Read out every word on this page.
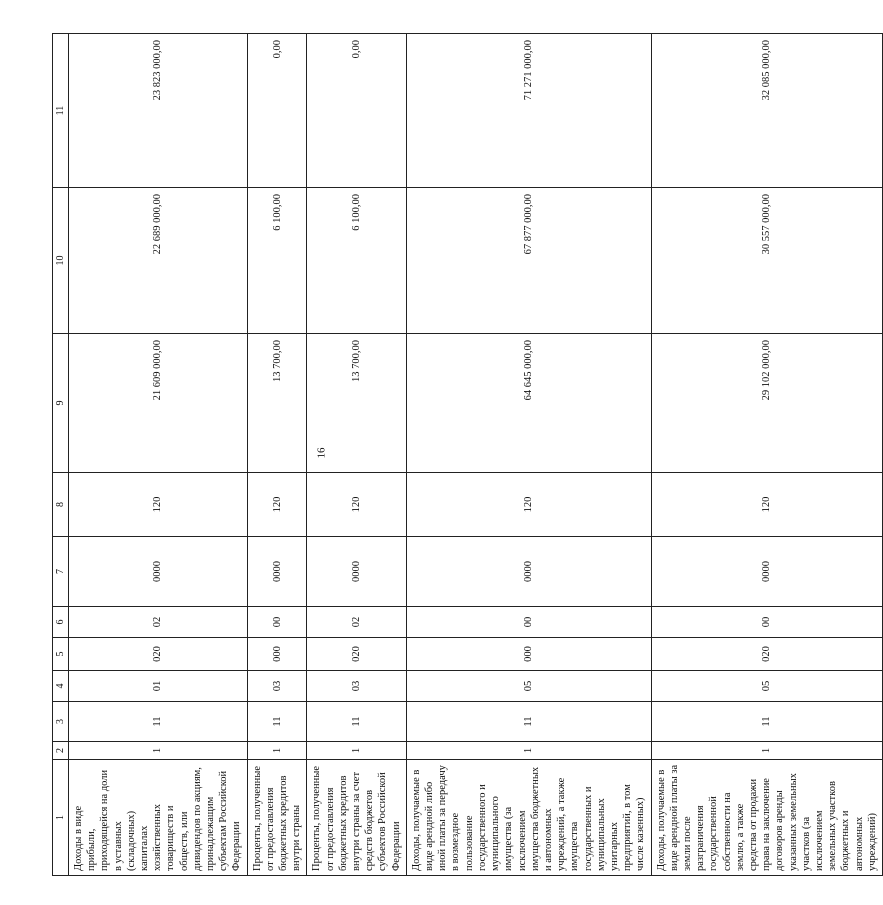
16
1	2	3	4	5	6	7	8	9	10	11
Доходы в виде прибыли, приходящейся на доли в уставных (складочных) капиталах хозяйственных товариществ и обществ, или дивидендов по акциям, принадлежащим субъектам Российской Федерации	1	11	01	020	02	0000	120	21 609 000,00	22 689 000,00	23 823 000,00
Проценты, полученные от предоставления бюджетных кредитов внутри страны	1	11	03	000	00	0000	120	13 700,00	6 100,00	0,00
Проценты, полученные от предоставления бюджетных кредитов внутри страны за счет средств бюджетов субъектов Российской Федерации	1	11	03	020	02	0000	120	13 700,00	6 100,00	0,00
Доходы, получаемые в виде арендной либо иной платы за передачу в возмездное пользование государственного и муниципального имущества (за исключением имущества бюджетных и автономных учреждений, а также имущества государственных и муниципальных унитарных предприятий, в том числе казенных)	1	11	05	000	00	0000	120	64 645 000,00	67 877 000,00	71 271 000,00
Доходы, получаемые в виде арендной платы за земли после разграничения государственной собственности на землю, а также средства от продажи права на заключение договоров аренды указанных земельных участков (за исключением земельных участков бюджетных и автономных учреждений)	1	11	05	020	00	0000	120	29 102 000,00	30 557 000,00	32 085 000,00
